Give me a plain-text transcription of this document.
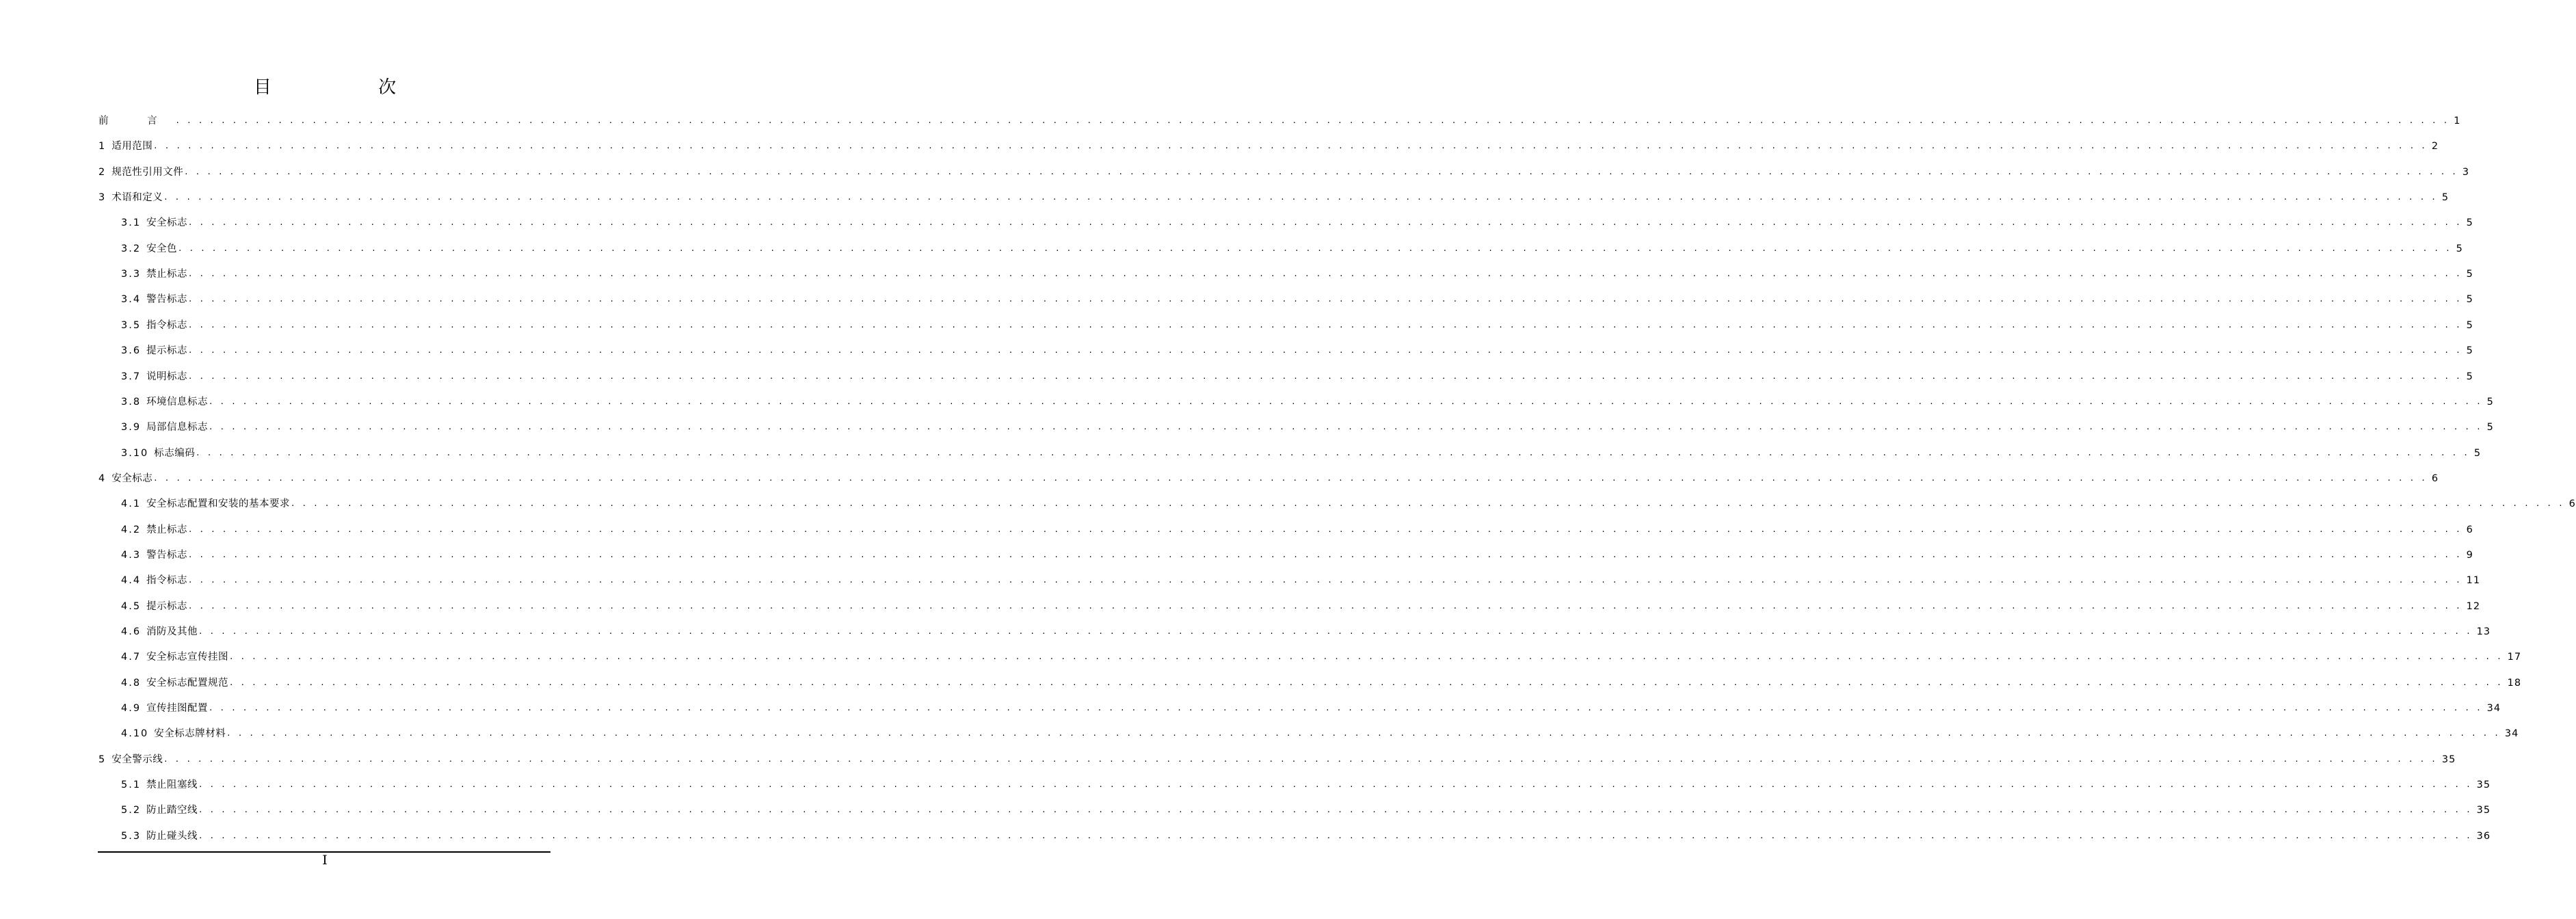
目 次
前 言 . . . . . . . . . . . . . . . . . . . . . . . . . . . . . . . . . . . . . . . . . . . . . . . . . . . . . . . . . . . . . . . . . . . . . . . . . . . . . . . . . . . . . . . . . . . . . . . . . . . . . . . . . . . . . . . . . . . . . . . . . . . . . . . . . . . . . . . . . . . . . . . . . . . . . . . . . . . . . . . . . . . . . . . . . . . . . . . . . . . . . . . . . . . . . . . . . . . . . . . . 1
1 适用范围 . . . . . . . . . . . . . . . . . . . . . . . . . . . . . . . . . . . . . . . . . . . . . . . . . . . . . . . . . . . . . . . . . . . . . . . . . . . . . . . . . . . . . . . . . . . . . . . . . . . . . . . . . . . . . . . . . . . . . . . . . . . . . . . . . . . . . . . . . . . . . . . . . . . . . . . . . . . . . . . . . . . . . . . . . . . . . . . . . . . . . . . . . . . . . . . . . . . . . . . . 2
2 规范性引用文件 . . . . . . . . . . . . . . . . . . . . . . . . . . . . . . . . . . . . . . . . . . . . . . . . . . . . . . . . . . . . . . . . . . . . . . . . . . . . . . . . . . . . . . . . . . . . . . . . . . . . . . . . . . . . . . . . . . . . . . . . . . . . . . . . . . . . . . . . . . . . . . . . . . . . . . . . . . . . . . . . . . . . . . . . . . . . . . . . . . . . . . . . . . . . . . . . . . . . . . . . 3
3 术语和定义 . . . . . . . . . . . . . . . . . . . . . . . . . . . . . . . . . . . . . . . . . . . . . . . . . . . . . . . . . . . . . . . . . . . . . . . . . . . . . . . . . . . . . . . . . . . . . . . . . . . . . . . . . . . . . . . . . . . . . . . . . . . . . . . . . . . . . . . . . . . . . . . . . . . . . . . . . . . . . . . . . . . . . . . . . . . . . . . . . . . . . . . . . . . . . . . . . . . . . . . . 5
3.1 安全标志 . . . . . . . . . . . . . . . . . . . . . . . . . . . . . . . . . . . . . . . . . . . . . . . . . . . . . . . . . . . . . . . . . . . . . . . . . . . . . . . . . . . . . . . . . . . . . . . . . . . . . . . . . . . . . . . . . . . . . . . . . . . . . . . . . . . . . . . . . . . . . . . . . . . . . . . . . . . . . . . . . . . . . . . . . . . . . . . . . . . . . . . . . . . . . . . . . . . . . . . . 5
3.2 安全色 . . . . . . . . . . . . . . . . . . . . . . . . . . . . . . . . . . . . . . . . . . . . . . . . . . . . . . . . . . . . . . . . . . . . . . . . . . . . . . . . . . . . . . . . . . . . . . . . . . . . . . . . . . . . . . . . . . . . . . . . . . . . . . . . . . . . . . . . . . . . . . . . . . . . . . . . . . . . . . . . . . . . . . . . . . . . . . . . . . . . . . . . . . . . . . . . . . . . . . . . 5
3.3 禁止标志 . . . . . . . . . . . . . . . . . . . . . . . . . . . . . . . . . . . . . . . . . . . . . . . . . . . . . . . . . . . . . . . . . . . . . . . . . . . . . . . . . . . . . . . . . . . . . . . . . . . . . . . . . . . . . . . . . . . . . . . . . . . . . . . . . . . . . . . . . . . . . . . . . . . . . . . . . . . . . . . . . . . . . . . . . . . . . . . . . . . . . . . . . . . . . . . . . . . . . . . . 5
3.4 警告标志 . . . . . . . . . . . . . . . . . . . . . . . . . . . . . . . . . . . . . . . . . . . . . . . . . . . . . . . . . . . . . . . . . . . . . . . . . . . . . . . . . . . . . . . . . . . . . . . . . . . . . . . . . . . . . . . . . . . . . . . . . . . . . . . . . . . . . . . . . . . . . . . . . . . . . . . . . . . . . . . . . . . . . . . . . . . . . . . . . . . . . . . . . . . . . . . . . . . . . . . . 5
3.5 指令标志 . . . . . . . . . . . . . . . . . . . . . . . . . . . . . . . . . . . . . . . . . . . . . . . . . . . . . . . . . . . . . . . . . . . . . . . . . . . . . . . . . . . . . . . . . . . . . . . . . . . . . . . . . . . . . . . . . . . . . . . . . . . . . . . . . . . . . . . . . . . . . . . . . . . . . . . . . . . . . . . . . . . . . . . . . . . . . . . . . . . . . . . . . . . . . . . . . . . . . . . . 5
3.6 提示标志 . . . . . . . . . . . . . . . . . . . . . . . . . . . . . . . . . . . . . . . . . . . . . . . . . . . . . . . . . . . . . . . . . . . . . . . . . . . . . . . . . . . . . . . . . . . . . . . . . . . . . . . . . . . . . . . . . . . . . . . . . . . . . . . . . . . . . . . . . . . . . . . . . . . . . . . . . . . . . . . . . . . . . . . . . . . . . . . . . . . . . . . . . . . . . . . . . . . . . . . . 5
3.7 说明标志 . . . . . . . . . . . . . . . . . . . . . . . . . . . . . . . . . . . . . . . . . . . . . . . . . . . . . . . . . . . . . . . . . . . . . . . . . . . . . . . . . . . . . . . . . . . . . . . . . . . . . . . . . . . . . . . . . . . . . . . . . . . . . . . . . . . . . . . . . . . . . . . . . . . . . . . . . . . . . . . . . . . . . . . . . . . . . . . . . . . . . . . . . . . . . . . . . . . . . . . . 5
3.8 环境信息标志 . . . . . . . . . . . . . . . . . . . . . . . . . . . . . . . . . . . . . . . . . . . . . . . . . . . . . . . . . . . . . . . . . . . . . . . . . . . . . . . . . . . . . . . . . . . . . . . . . . . . . . . . . . . . . . . . . . . . . . . . . . . . . . . . . . . . . . . . . . . . . . . . . . . . . . . . . . . . . . . . . . . . . . . . . . . . . . . . . . . . . . . . . . . . . . . . . . . . . . . . 5
3.9 局部信息标志 . . . . . . . . . . . . . . . . . . . . . . . . . . . . . . . . . . . . . . . . . . . . . . . . . . . . . . . . . . . . . . . . . . . . . . . . . . . . . . . . . . . . . . . . . . . . . . . . . . . . . . . . . . . . . . . . . . . . . . . . . . . . . . . . . . . . . . . . . . . . . . . . . . . . . . . . . . . . . . . . . . . . . . . . . . . . . . . . . . . . . . . . . . . . . . . . . . . . . . . . 5
3.10 标志编码 . . . . . . . . . . . . . . . . . . . . . . . . . . . . . . . . . . . . . . . . . . . . . . . . . . . . . . . . . . . . . . . . . . . . . . . . . . . . . . . . . . . . . . . . . . . . . . . . . . . . . . . . . . . . . . . . . . . . . . . . . . . . . . . . . . . . . . . . . . . . . . . . . . . . . . . . . . . . . . . . . . . . . . . . . . . . . . . . . . . . . . . . . . . . . . . . . . . . . . . . 5
4 安全标志 . . . . . . . . . . . . . . . . . . . . . . . . . . . . . . . . . . . . . . . . . . . . . . . . . . . . . . . . . . . . . . . . . . . . . . . . . . . . . . . . . . . . . . . . . . . . . . . . . . . . . . . . . . . . . . . . . . . . . . . . . . . . . . . . . . . . . . . . . . . . . . . . . . . . . . . . . . . . . . . . . . . . . . . . . . . . . . . . . . . . . . . . . . . . . . . . . . . . . . . . 6
4.1 安全标志配置和安装的基本要求 . . . . . . . . . . . . . . . . . . . . . . . . . . . . . . . . . . . . . . . . . . . . . . . . . . . . . . . . . . . . . . . . . . . . . . . . . . . . . . . . . . . . . . . . . . . . . . . . . . . . . . . . . . . . . . . . . . . . . . . . . . . . . . . . . . . . . . . . . . . . . . . . . . . . . . . . . . . . . . . . . . . . . . . . . . . . . . . . . . . . . . . . . . . . . . . . . . . . . . . . 6
4.2 禁止标志 . . . . . . . . . . . . . . . . . . . . . . . . . . . . . . . . . . . . . . . . . . . . . . . . . . . . . . . . . . . . . . . . . . . . . . . . . . . . . . . . . . . . . . . . . . . . . . . . . . . . . . . . . . . . . . . . . . . . . . . . . . . . . . . . . . . . . . . . . . . . . . . . . . . . . . . . . . . . . . . . . . . . . . . . . . . . . . . . . . . . . . . . . . . . . . . . . . . . . . . . 6
4.3 警告标志 . . . . . . . . . . . . . . . . . . . . . . . . . . . . . . . . . . . . . . . . . . . . . . . . . . . . . . . . . . . . . . . . . . . . . . . . . . . . . . . . . . . . . . . . . . . . . . . . . . . . . . . . . . . . . . . . . . . . . . . . . . . . . . . . . . . . . . . . . . . . . . . . . . . . . . . . . . . . . . . . . . . . . . . . . . . . . . . . . . . . . . . . . . . . . . . . . . . . . . . . 9
4.4 指令标志 . . . . . . . . . . . . . . . . . . . . . . . . . . . . . . . . . . . . . . . . . . . . . . . . . . . . . . . . . . . . . . . . . . . . . . . . . . . . . . . . . . . . . . . . . . . . . . . . . . . . . . . . . . . . . . . . . . . . . . . . . . . . . . . . . . . . . . . . . . . . . . . . . . . . . . . . . . . . . . . . . . . . . . . . . . . . . . . . . . . . . . . . . . . . . . . . . . . . . . . . 11
4.5 提示标志 . . . . . . . . . . . . . . . . . . . . . . . . . . . . . . . . . . . . . . . . . . . . . . . . . . . . . . . . . . . . . . . . . . . . . . . . . . . . . . . . . . . . . . . . . . . . . . . . . . . . . . . . . . . . . . . . . . . . . . . . . . . . . . . . . . . . . . . . . . . . . . . . . . . . . . . . . . . . . . . . . . . . . . . . . . . . . . . . . . . . . . . . . . . . . . . . . . . . . . . . 12
4.6 消防及其他 . . . . . . . . . . . . . . . . . . . . . . . . . . . . . . . . . . . . . . . . . . . . . . . . . . . . . . . . . . . . . . . . . . . . . . . . . . . . . . . . . . . . . . . . . . . . . . . . . . . . . . . . . . . . . . . . . . . . . . . . . . . . . . . . . . . . . . . . . . . . . . . . . . . . . . . . . . . . . . . . . . . . . . . . . . . . . . . . . . . . . . . . . . . . . . . . . . . . . . . . 13
4.7 安全标志宣传挂图 . . . . . . . . . . . . . . . . . . . . . . . . . . . . . . . . . . . . . . . . . . . . . . . . . . . . . . . . . . . . . . . . . . . . . . . . . . . . . . . . . . . . . . . . . . . . . . . . . . . . . . . . . . . . . . . . . . . . . . . . . . . . . . . . . . . . . . . . . . . . . . . . . . . . . . . . . . . . . . . . . . . . . . . . . . . . . . . . . . . . . . . . . . . . . . . . . . . . . . . . 17
4.8 安全标志配置规范 . . . . . . . . . . . . . . . . . . . . . . . . . . . . . . . . . . . . . . . . . . . . . . . . . . . . . . . . . . . . . . . . . . . . . . . . . . . . . . . . . . . . . . . . . . . . . . . . . . . . . . . . . . . . . . . . . . . . . . . . . . . . . . . . . . . . . . . . . . . . . . . . . . . . . . . . . . . . . . . . . . . . . . . . . . . . . . . . . . . . . . . . . . . . . . . . . . . . . . . . 18
4.9 宣传挂图配置 . . . . . . . . . . . . . . . . . . . . . . . . . . . . . . . . . . . . . . . . . . . . . . . . . . . . . . . . . . . . . . . . . . . . . . . . . . . . . . . . . . . . . . . . . . . . . . . . . . . . . . . . . . . . . . . . . . . . . . . . . . . . . . . . . . . . . . . . . . . . . . . . . . . . . . . . . . . . . . . . . . . . . . . . . . . . . . . . . . . . . . . . . . . . . . . . . . . . . . . . 34
4.10 安全标志牌材料 . . . . . . . . . . . . . . . . . . . . . . . . . . . . . . . . . . . . . . . . . . . . . . . . . . . . . . . . . . . . . . . . . . . . . . . . . . . . . . . . . . . . . . . . . . . . . . . . . . . . . . . . . . . . . . . . . . . . . . . . . . . . . . . . . . . . . . . . . . . . . . . . . . . . . . . . . . . . . . . . . . . . . . . . . . . . . . . . . . . . . . . . . . . . . . . . . . . . . . . . 34
5 安全警示线 . . . . . . . . . . . . . . . . . . . . . . . . . . . . . . . . . . . . . . . . . . . . . . . . . . . . . . . . . . . . . . . . . . . . . . . . . . . . . . . . . . . . . . . . . . . . . . . . . . . . . . . . . . . . . . . . . . . . . . . . . . . . . . . . . . . . . . . . . . . . . . . . . . . . . . . . . . . . . . . . . . . . . . . . . . . . . . . . . . . . . . . . . . . . . . . . . . . . . . . . 35
5.1 禁止阻塞线 . . . . . . . . . . . . . . . . . . . . . . . . . . . . . . . . . . . . . . . . . . . . . . . . . . . . . . . . . . . . . . . . . . . . . . . . . . . . . . . . . . . . . . . . . . . . . . . . . . . . . . . . . . . . . . . . . . . . . . . . . . . . . . . . . . . . . . . . . . . . . . . . . . . . . . . . . . . . . . . . . . . . . . . . . . . . . . . . . . . . . . . . . . . . . . . . . . . . . . . . 35
5.2 防止踏空线 . . . . . . . . . . . . . . . . . . . . . . . . . . . . . . . . . . . . . . . . . . . . . . . . . . . . . . . . . . . . . . . . . . . . . . . . . . . . . . . . . . . . . . . . . . . . . . . . . . . . . . . . . . . . . . . . . . . . . . . . . . . . . . . . . . . . . . . . . . . . . . . . . . . . . . . . . . . . . . . . . . . . . . . . . . . . . . . . . . . . . . . . . . . . . . . . . . . . . . . . 35
5.3 防止碰头线 . . . . . . . . . . . . . . . . . . . . . . . . . . . . . . . . . . . . . . . . . . . . . . . . . . . . . . . . . . . . . . . . . . . . . . . . . . . . . . . . . . . . . . . . . . . . . . . . . . . . . . . . . . . . . . . . . . . . . . . . . . . . . . . . . . . . . . . . . . . . . . . . . . . . . . . . . . . . . . . . . . . . . . . . . . . . . . . . . . . . . . . . . . . . . . . . . . . . . . . . 36
I
